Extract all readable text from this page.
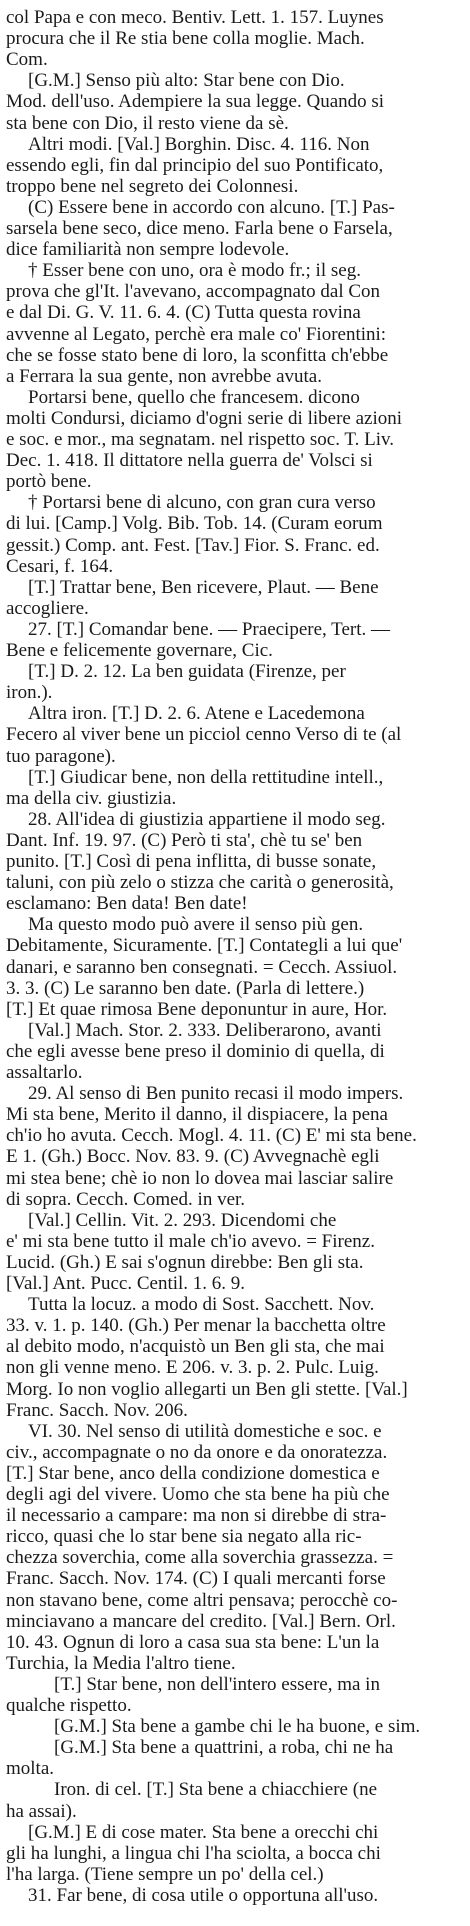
col Papa e con meco. Bentiv. Lett. 1. 157. Luynes
procura che il Re stia bene colla moglie. Mach.
Com.
[G.M.] Senso più alto: Star bene con Dio.
Mod. dell'uso. Adempiere la sua legge. Quando si
sta bene con Dio, il resto viene da sè.
Altri modi. [Val.] Borghin. Disc. 4. 116. Non
essendo egli, fin dal principio del suo Pontificato,
troppo bene nel segreto dei Colonnesi.
(C) Essere bene in accordo con alcuno. [T.] Pas-
sarsela bene seco, dice meno. Farla bene o Farsela,
dice familiarità non sempre lodevole.
† Esser bene con uno, ora è modo fr.; il seg.
prova che gl'It. l'avevano, accompagnato dal Con
e dal Di. G. V. 11. 6. 4. (C) Tutta questa rovina
avvenne al Legato, perchè era male co' Fiorentini:
che se fosse stato bene di loro, la sconfitta ch'ebbe
a Ferrara la sua gente, non avrebbe avuta.
Portarsi bene, quello che francesem. dicono
molti Condursi, diciamo d'ogni serie di libere azioni
e soc. e mor., ma segnatam. nel rispetto soc. T. Liv.
Dec. 1. 418. Il dittatore nella guerra de' Volsci si
portò bene.
† Portarsi bene di alcuno, con gran cura verso
di lui. [Camp.] Volg. Bib. Tob. 14. (Curam eorum
gessit.) Comp. ant. Fest. [Tav.] Fior. S. Franc. ed.
Cesari, f. 164.
[T.] Trattar bene, Ben ricevere, Plaut. — Bene
accogliere.
27. [T.] Comandar bene. — Praecipere, Tert. —
Bene e felicemente governare, Cic.
[T.] D. 2. 12. La ben guidata (Firenze, per
iron.).
Altra iron. [T.] D. 2. 6. Atene e Lacedemona
Fecero al viver bene un picciol cenno Verso di te (al
tuo paragone).
[T.] Giudicar bene, non della rettitudine intell.,
ma della civ. giustizia.
28. All'idea di giustizia appartiene il modo seg.
Dant. Inf. 19. 97. (C) Però ti sta', chè tu se' ben
punito. [T.] Così di pena inflitta, di busse sonate,
taluni, con più zelo o stizza che carità o generosità,
esclamano: Ben data! Ben date!
Ma questo modo può avere il senso più gen.
Debitamente, Sicuramente. [T.] Contategli a lui que'
danari, e saranno ben consegnati. = Cecch. Assiuol.
3. 3. (C) Le saranno ben date. (Parla di lettere.)
[T.] Et quae rimosa Bene deponuntur in aure, Hor.
[Val.] Mach. Stor. 2. 333. Deliberarono, avanti
che egli avesse bene preso il dominio di quella, di
assaltarlo.
29. Al senso di Ben punito recasi il modo impers.
Mi sta bene, Merito il danno, il dispiacere, la pena
ch'io ho avuta. Cecch. Mogl. 4. 11. (C) E' mi sta bene.
E 1. (Gh.) Bocc. Nov. 83. 9. (C) Avvegnachè egli
mi stea bene; chè io non lo dovea mai lasciar salire
di sopra. Cecch. Comed. in ver.
[Val.] Cellin. Vit. 2. 293. Dicendomi che
e' mi sta bene tutto il male ch'io avevo. = Firenz.
Lucid. (Gh.) E sai s'ognun direbbe: Ben gli sta.
[Val.] Ant. Pucc. Centil. 1. 6. 9.
Tutta la locuz. a modo di Sost. Sacchett. Nov.
33. v. 1. p. 140. (Gh.) Per menar la bacchetta oltre
al debito modo, n'acquistò un Ben gli sta, che mai
non gli venne meno. E 206. v. 3. p. 2. Pulc. Luig.
Morg. Io non voglio allegarti un Ben gli stette. [Val.]
Franc. Sacch. Nov. 206.
VI. 30. Nel senso di utilità domestiche e soc. e
civ., accompagnate o no da onore e da onoratezza.
[T.] Star bene, anco della condizione domestica e
degli agi del vivere. Uomo che sta bene ha più che
il necessario a campare: ma non si direbbe di stra-
ricco, quasi che lo star bene sia negato alla ric-
chezza soverchia, come alla soverchia grassezza. =
Franc. Sacch. Nov. 174. (C) I quali mercanti forse
non stavano bene, come altri pensava; perocchè co-
minciavano a mancare del credito. [Val.] Bern. Orl.
10. 43. Ognun di loro a casa sua sta bene: L'un la
Turchia, la Media l'altro tiene.
[T.] Star bene, non dell'intero essere, ma in
qualche rispetto.
[G.M.] Sta bene a gambe chi le ha buone, e sim.
[G.M.] Sta bene a quattrini, a roba, chi ne ha
molta.
Iron. di cel. [T.] Sta bene a chiacchiere (ne
ha assai).
[G.M.] E di cose mater. Sta bene a orecchi chi
gli ha lunghi, a lingua chi l'ha sciolta, a bocca chi
l'ha larga. (Tiene sempre un po' della cel.)
31. Far bene, di cosa utile o opportuna all'uso.
